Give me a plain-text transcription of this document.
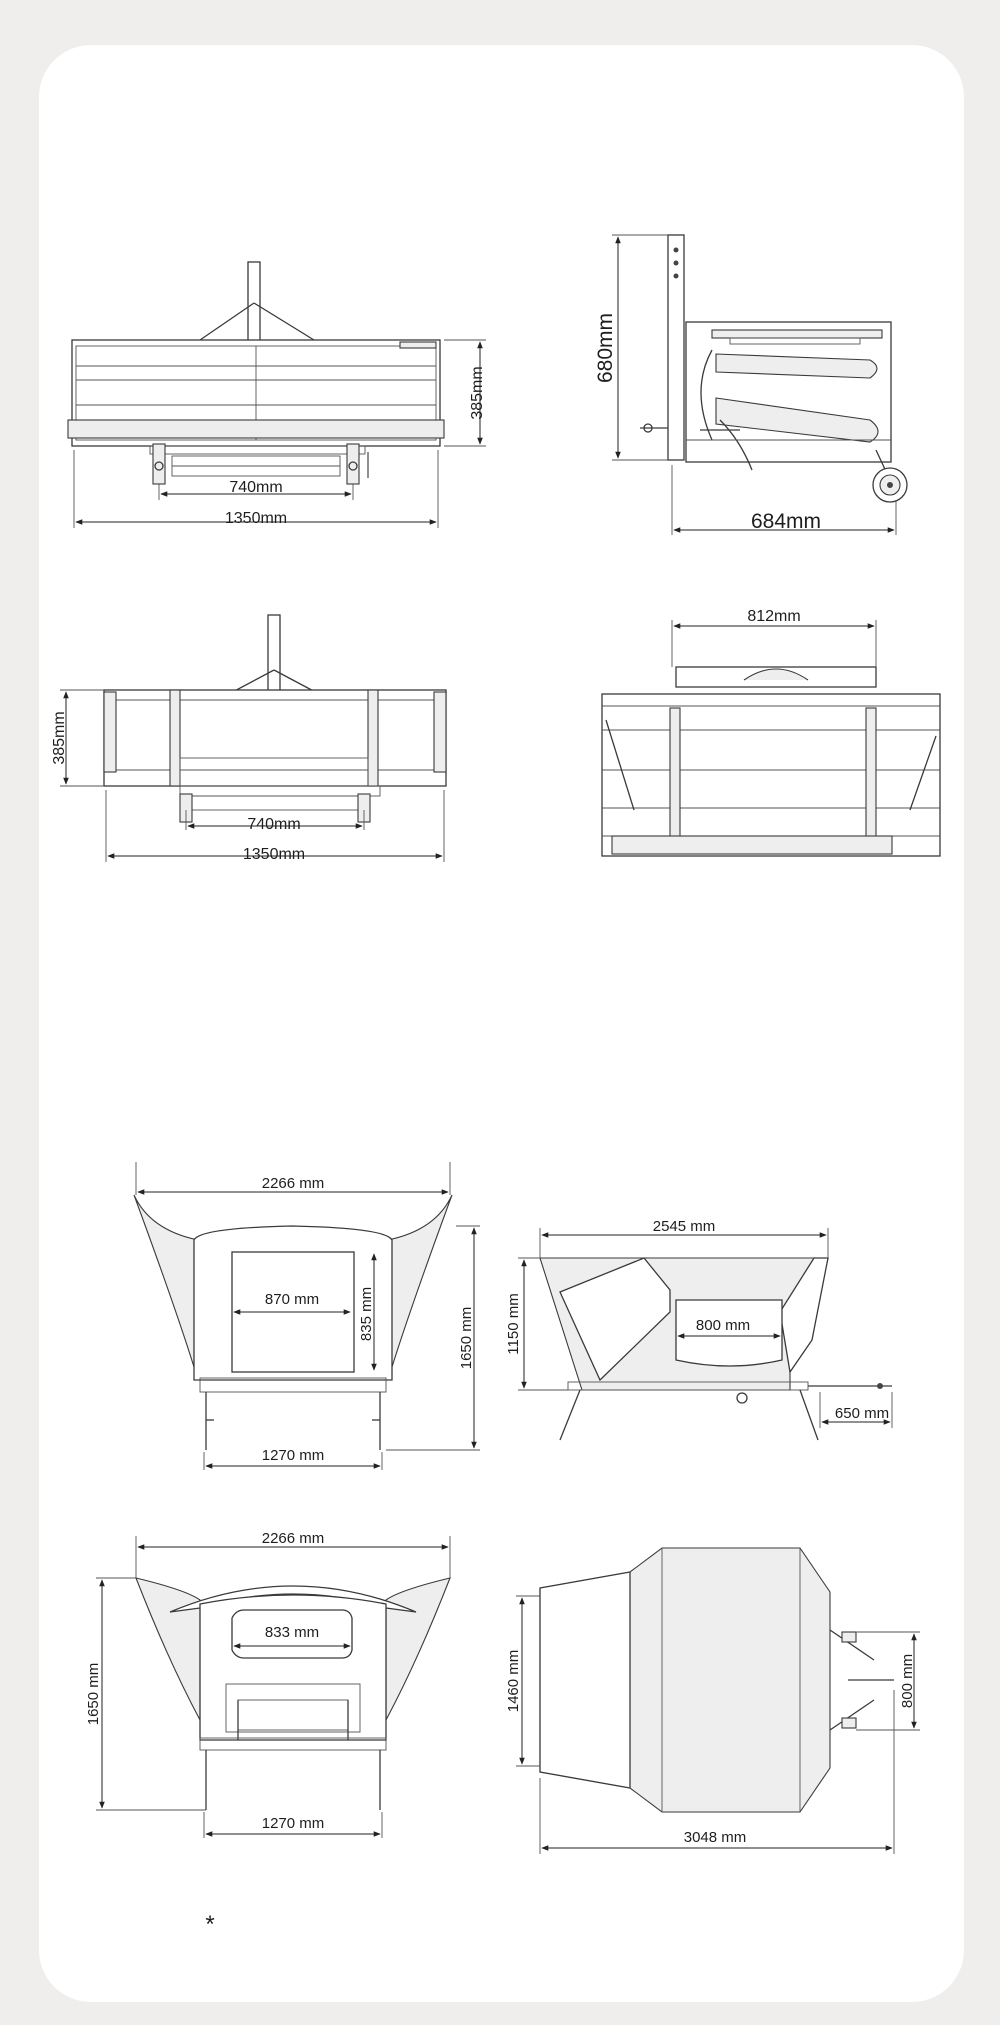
740mm
1350mm
385mm
680mm
684mm
385mm
740mm
1350mm
812mm
2266 mm
870 mm	835 mm	1650 mm
1270 mm
2545 mm
1150 mm	800 mm
650 mm
2266 mm
833 mm
1650 mm
1270 mm
1460 mm	800 mm
3048 mm
*
